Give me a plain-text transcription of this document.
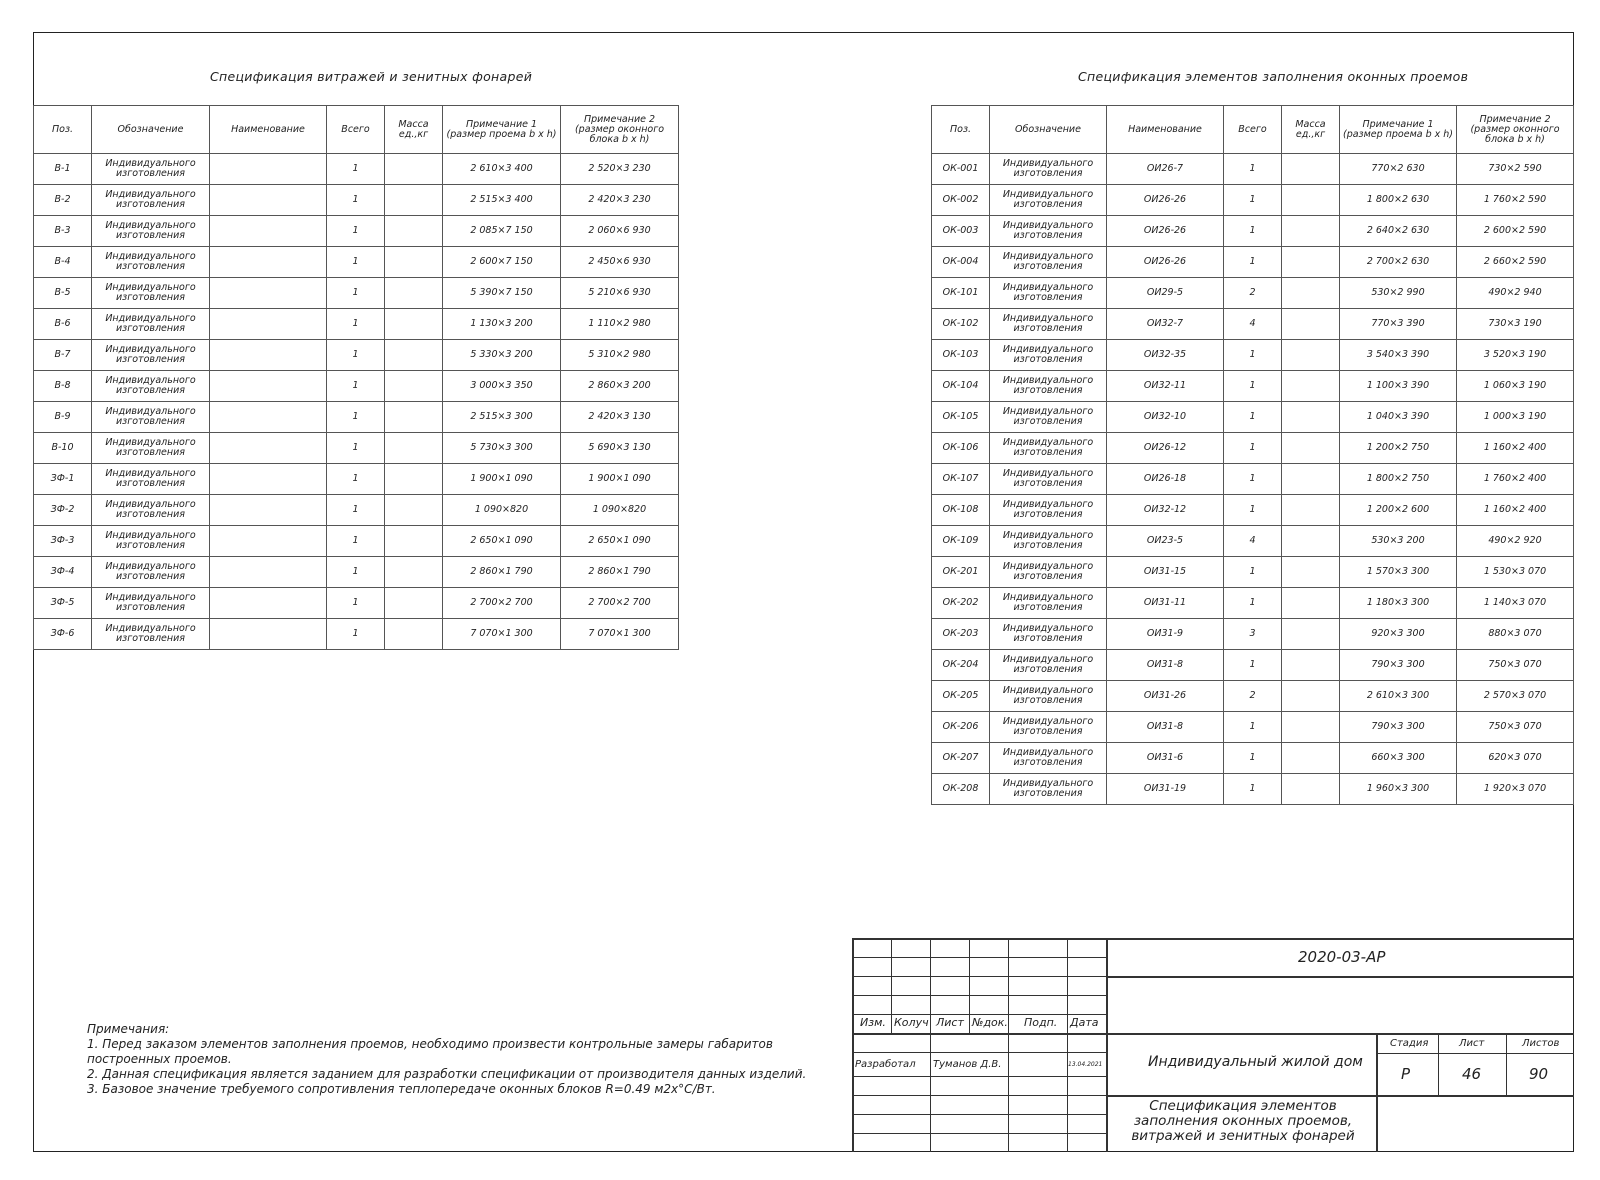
Спецификация витражей и зенитных фонарей
Поз.	Обозначение	Наименование	Всего	Масса ед.,кг	Примечание 1 (размер проема b x h)	Примечание 2 (размер оконного блока b x h)
В-1	Индивидуального изготовления		1		2 610×3 400	2 520×3 230
В-2	Индивидуального изготовления		1		2 515×3 400	2 420×3 230
В-3	Индивидуального изготовления		1		2 085×7 150	2 060×6 930
В-4	Индивидуального изготовления		1		2 600×7 150	2 450×6 930
В-5	Индивидуального изготовления		1		5 390×7 150	5 210×6 930
В-6	Индивидуального изготовления		1		1 130×3 200	1 110×2 980
В-7	Индивидуального изготовления		1		5 330×3 200	5 310×2 980
В-8	Индивидуального изготовления		1		3 000×3 350	2 860×3 200
В-9	Индивидуального изготовления		1		2 515×3 300	2 420×3 130
В-10	Индивидуального изготовления		1		5 730×3 300	5 690×3 130
ЗФ-1	Индивидуального изготовления		1		1 900×1 090	1 900×1 090
ЗФ-2	Индивидуального изготовления		1		1 090×820	1 090×820
ЗФ-3	Индивидуального изготовления		1		2 650×1 090	2 650×1 090
ЗФ-4	Индивидуального изготовления		1		2 860×1 790	2 860×1 790
ЗФ-5	Индивидуального изготовления		1		2 700×2 700	2 700×2 700
ЗФ-6	Индивидуального изготовления		1		7 070×1 300	7 070×1 300
Спецификация элементов заполнения оконных проемов
Поз.	Обозначение	Наименование	Всего	Масса ед.,кг	Примечание 1 (размер проема b x h)	Примечание 2 (размер оконного блока b x h)
ОК-001	Индивидуального изготовления	ОИ26-7	1		770×2 630	730×2 590
ОК-002	Индивидуального изготовления	ОИ26-26	1		1 800×2 630	1 760×2 590
ОК-003	Индивидуального изготовления	ОИ26-26	1		2 640×2 630	2 600×2 590
ОК-004	Индивидуального изготовления	ОИ26-26	1		2 700×2 630	2 660×2 590
ОК-101	Индивидуального изготовления	ОИ29-5	2		530×2 990	490×2 940
ОК-102	Индивидуального изготовления	ОИ32-7	4		770×3 390	730×3 190
ОК-103	Индивидуального изготовления	ОИ32-35	1		3 540×3 390	3 520×3 190
ОК-104	Индивидуального изготовления	ОИ32-11	1		1 100×3 390	1 060×3 190
ОК-105	Индивидуального изготовления	ОИ32-10	1		1 040×3 390	1 000×3 190
ОК-106	Индивидуального изготовления	ОИ26-12	1		1 200×2 750	1 160×2 400
ОК-107	Индивидуального изготовления	ОИ26-18	1		1 800×2 750	1 760×2 400
ОК-108	Индивидуального изготовления	ОИ32-12	1		1 200×2 600	1 160×2 400
ОК-109	Индивидуального изготовления	ОИ23-5	4		530×3 200	490×2 920
ОК-201	Индивидуального изготовления	ОИ31-15	1		1 570×3 300	1 530×3 070
ОК-202	Индивидуального изготовления	ОИ31-11	1		1 180×3 300	1 140×3 070
ОК-203	Индивидуального изготовления	ОИ31-9	3		920×3 300	880×3 070
ОК-204	Индивидуального изготовления	ОИ31-8	1		790×3 300	750×3 070
ОК-205	Индивидуального изготовления	ОИ31-26	2		2 610×3 300	2 570×3 070
ОК-206	Индивидуального изготовления	ОИ31-8	1		790×3 300	750×3 070
ОК-207	Индивидуального изготовления	ОИ31-6	1		660×3 300	620×3 070
ОК-208	Индивидуального изготовления	ОИ31-19	1		1 960×3 300	1 920×3 070
Примечания:
1. Перед заказом элементов заполнения проемов, необходимо произвести контрольные замеры габаритов построенных проемов.
2. Данная спецификация является заданием для разработки спецификации от производителя данных изделий.
3. Базовое значение требуемого сопротивления теплопередаче оконных блоков R=0.49 м2х°С/Вт.
2020-03-АР
Изм. Колуч Лист №док. Подп. Дата
Разработал Туманов Д.В.	13.04.2021	Индивидуальный жилой дом
Стадия	Лист	Листов
Р	46	90
Спецификация элементов заполнения оконных проемов, витражей и зенитных фонарей
